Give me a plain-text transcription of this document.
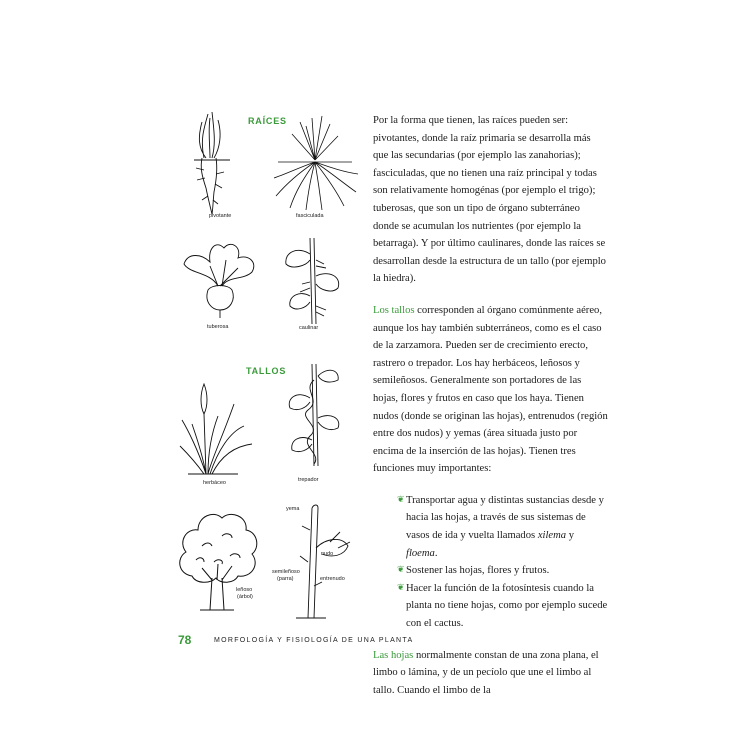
RAÍCES
TALLOS
pivotante	fasciculada
tuberosa	caulinar
herbáceo	trepador
leñoso
(árbol)
yema
nudo
semileñoso
(parra)	entrenudo

Por la forma que tienen, las raíces pueden ser: pivotantes, donde la raíz primaria se desarrolla más que las secundarias (por ejemplo las zanahorias); fasciculadas, que no tienen una raíz principal y todas son relativamente homogénas (por ejemplo el trigo); tuberosas, que son un tipo de órgano subterráneo donde se acumulan los nutrientes (por ejemplo la betarraga). Y por último caulinares, donde las raíces se desarrollan desde la estructura de un tallo (por ejemplo la hiedra).

Los tallos corresponden al órgano comúnmente aéreo, aunque los hay también subterráneos, como es el caso de la zarzamora. Pueden ser de crecimiento erecto, rastrero o trepador. Los hay herbáceos, leñosos y semileñosos. Generalmente son portadores de las hojas, flores y frutos en caso que los haya. Tienen nudos (donde se originan las hojas), entrenudos (región entre dos nudos) y yemas (área situada justo por encima de la inserción de las hojas). Tienen tres funciones muy importantes:

❦ Transportar agua y distintas sustancias desde y hacia las hojas, a través de sus sistemas de vasos de ida y vuelta llamados xilema y floema.
❦ Sostener las hojas, flores y frutos.
❦ Hacer la función de la fotosíntesis cuando la planta no tiene hojas, como por ejemplo sucede con el cactus.

Las hojas normalmente constan de una zona plana, el limbo o lámina, y de un pecíolo que une el limbo al tallo. Cuando el limbo de la

78	MORFOLOGÍA Y FISIOLOGÍA DE UNA PLANTA
